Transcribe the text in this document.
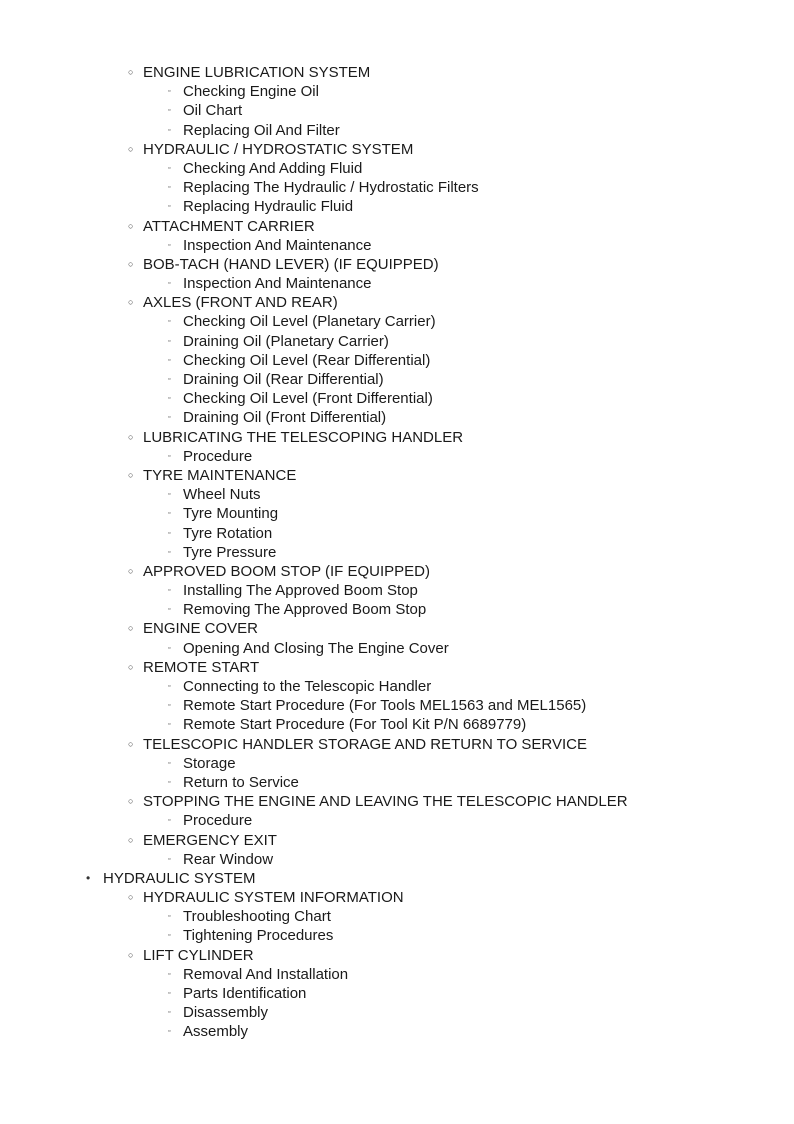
○ ENGINE LUBRICATION SYSTEM
▫ Checking Engine Oil
▫ Oil Chart
▫ Replacing Oil And Filter
○ HYDRAULIC / HYDROSTATIC SYSTEM
▫ Checking And Adding Fluid
▫ Replacing The Hydraulic / Hydrostatic Filters
▫ Replacing Hydraulic Fluid
○ ATTACHMENT CARRIER
▫ Inspection And Maintenance
○ BOB-TACH (HAND LEVER) (IF EQUIPPED)
▫ Inspection And Maintenance
○ AXLES (FRONT AND REAR)
▫ Checking Oil Level (Planetary Carrier)
▫ Draining Oil (Planetary Carrier)
▫ Checking Oil Level (Rear Differential)
▫ Draining Oil (Rear Differential)
▫ Checking Oil Level (Front Differential)
▫ Draining Oil (Front Differential)
○ LUBRICATING THE TELESCOPING HANDLER
▫ Procedure
○ TYRE MAINTENANCE
▫ Wheel Nuts
▫ Tyre Mounting
▫ Tyre Rotation
▫ Tyre Pressure
○ APPROVED BOOM STOP (IF EQUIPPED)
▫ Installing The Approved Boom Stop
▫ Removing The Approved Boom Stop
○ ENGINE COVER
▫ Opening And Closing The Engine Cover
○ REMOTE START
▫ Connecting to the Telescopic Handler
▫ Remote Start Procedure (For Tools MEL1563 and MEL1565)
▫ Remote Start Procedure (For Tool Kit P/N 6689779)
○ TELESCOPIC HANDLER STORAGE AND RETURN TO SERVICE
▫ Storage
▫ Return to Service
○ STOPPING THE ENGINE AND LEAVING THE TELESCOPIC HANDLER
▫ Procedure
○ EMERGENCY EXIT
▫ Rear Window
• HYDRAULIC SYSTEM
○ HYDRAULIC SYSTEM INFORMATION
▫ Troubleshooting Chart
▫ Tightening Procedures
○ LIFT CYLINDER
▫ Removal And Installation
▫ Parts Identification
▫ Disassembly
▫ Assembly
